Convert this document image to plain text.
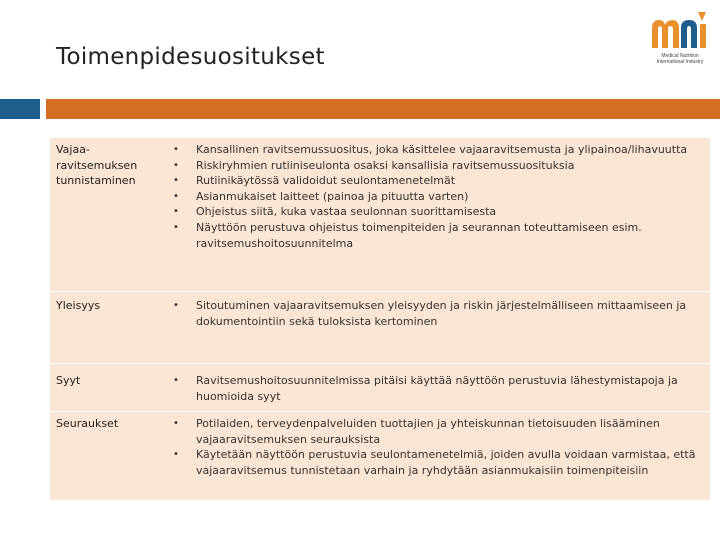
Toimenpidesuositukset	Medical Nutrition International Industry
Vajaa-ravitsemuksen tunnistaminen
• Kansallinen ravitsemussuositus, joka käsittelee vajaaravitsemusta ja ylipainoa/lihavuutta
• Riskiryhmien rutiiniseulonta osaksi kansallisia ravitsemussuosituksia
• Rutiinikäytössä validoidut seulontamenetelmät
• Asianmukaiset laitteet (painoa ja pituutta varten)
• Ohjeistus siitä, kuka vastaa seulonnan suorittamisesta
• Näyttöön perustuva ohjeistus toimenpiteiden ja seurannan toteuttamiseen esim. ravitsemushoitosuunnitelma
Yleisyys	• Sitoutuminen vajaaravitsemuksen yleisyyden ja riskin järjestelmälliseen mittaamiseen ja dokumentointiin sekä tuloksista kertominen
Syyt	• Ravitsemushoitosuunnitelmissa pitäisi käyttää näyttöön perustuvia lähestymistapoja ja huomioida syyt
Seuraukset	• Potilaiden, terveydenpalveluiden tuottajien ja yhteiskunnan tietoisuuden lisääminen vajaaravitsemuksen seurauksista
• Käytetään näyttöön perustuvia seulontamenetelmiä, joiden avulla voidaan varmistaa, että vajaaravitsemus tunnistetaan varhain ja ryhdytään asianmukaisiin toimenpiteisiin
